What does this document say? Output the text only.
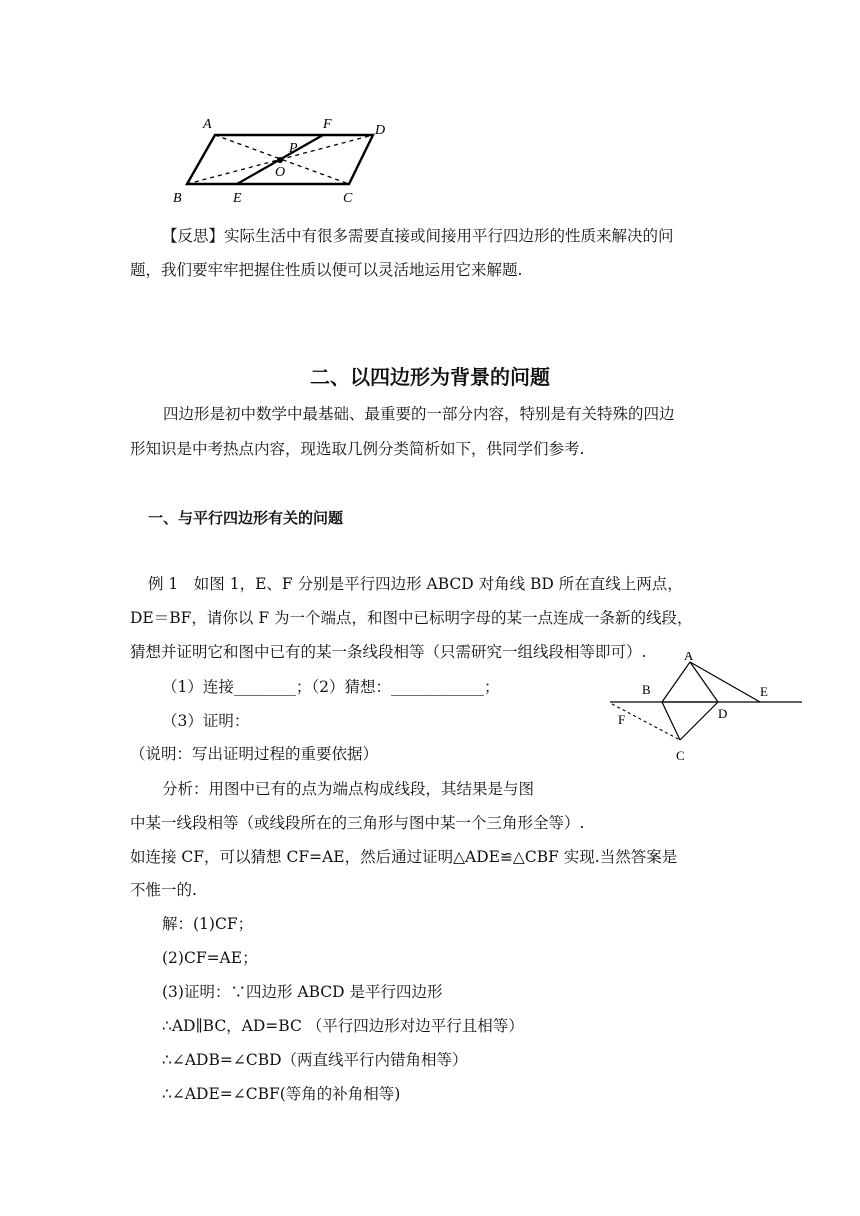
A	F	D
P
O
B	E	C
【反思】实际生活中有很多需要直接或间接用平行四边形的性质来解决的问
题，我们要牢牢把握住性质以便可以灵活地运用它来解题.
二、以四边形为背景的问题
四边形是初中数学中最基础、最重要的一部分内容，特别是有关特殊的四边
形知识是中考热点内容，现选取几例分类简析如下，供同学们参考.
一、与平行四边形有关的问题
例 1　如图 1，E、F 分别是平行四边形 ABCD 对角线 BD 所在直线上两点，
DE＝BF，请你以 F 为一个端点，和图中已标明字母的某一点连成一条新的线段，
猜想并证明它和图中已有的某一条线段相等（只需研究一组线段相等即可）.
（1）连接________；（2）猜想：____________；
（3）证明：
（说明：写出证明过程的重要依据）
A
B	E
D
F
C
分析：用图中已有的点为端点构成线段，其结果是与图
中某一线段相等（或线段所在的三角形与图中某一个三角形全等）.
如连接 CF，可以猜想 CF=AE，然后通过证明△ADE≌△CBF 实现.当然答案是
不惟一的.
解：(1)CF；
(2)CF=AE；
(3)证明：∵四边形 ABCD 是平行四边形
∴AD∥BC，AD=BC （平行四边形对边平行且相等）
∴∠ADB=∠CBD（两直线平行内错角相等）
∴∠ADE=∠CBF(等角的补角相等)
